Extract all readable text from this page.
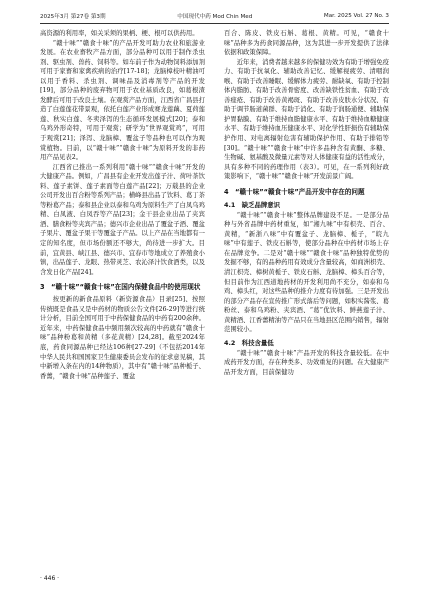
2025年3月 第27卷 第3期	中国现代中药 Mod Chin Med	Mar. 2025 Vol. 27 No. 3

高资源的利用率，如关采须的果柄、梗、根可以供药用。

“赣十味”“赣食十味”的产品开发可助力农业和旅游业发展。在农业畜牧产品方面，部分品种可以用于制作杀虫剂、驱虫剂、兽药、饲料等。如车前子作为动物饲料添加剂可用于家畜和家禽疾病的治疗[17-18]；龙脑樟枝叶精油可以用于香料、杀虫剂、调味品及消毒剂等产品的开发[19]，部分品种的废弃物可用于农业基质改良，如葛根渣发酵后可用于改良土壤。在观赏产品方面，江西省广昌县打造了白莲莲花带景观，依托白莲产业形成赛龙莲藕、夏荷莲莲、秋实白莲、冬卖泽泻的生态循环发展模式[20]；泰和乌鸡外形奇特，可用于观赏；研学为“世界观赏鸡”，可用于观赏[21]；泽泻、龙脑樟、覆盆子等品种也可以作为观赏植物。目前，以“赣十味”“赣食十味”为原料开发的非药用产品见表2。

江西省已推出一系列利用“赣十味”“赣食十味”开发的大健康产品。例如，广昌县有企业开发出莲子汁、荷叶茶饮料、莲子素饼、莲子素面等白莲产品[22]；万载县的企业公司开发出百合粉等系列产品；横峰县出品了饮料、葛丁茶等粉葛产品；泰和县企业以泰和乌鸡为原料生产了白凤乌鸡精、白凤液、白凤吞等产品[23]；金干县企业出品了夹宾酒、膳食粉等夹宾产品；德兴市企业出品了覆盆子酒、覆盆子果片、覆盆子果干等覆盆子产品。以上产品在当地都有一定的知名度，但市场份额还不够大，尚待进一步扩大。目前，宜黄县、峡江县、德兴市、宜春市等地成立了养殖食小镇，出品莲子、龙眼、热带灵芝、农沁泽汁饮食酒类，以及含发日化产品[24]。

3　“赣十味”“赣食十味”在国内保健食品中的使用现状

按更新的新食品原料（新资源食品）目录[25]、按照传统既是食品又是中药材的物质公告文件[26-29]等进行统计分析，目前全国可用于中药保健食品的中药有200余种。近年来，中药保健食品中频用频次较高的中药就有“赣食十味”品种粉葛和黄精（多花黄精）[24,28]。截至2024年底，药食同源品种已经达106种[27-29]（不包括2014年中华人民共和国国家卫生健康委员会发布的征求意见稿，其中新增入条在内的14种物质），其中有“赣十味”品种栀子、香薷，“赣食十味”品种莲子、覆盆

百合、陈皮、铁皮石斛、葛根、黄精。可见，“赣食十味”品种多为药食同源品种，这为其进一步开发提供了法律依据和政策保障。

近年来，消费者越来越多的保健功效为有助于增强免疫力、有助于抗氧化、辅助改善记忆、缓解视疲劳、清咽润喉、有助于改善睡眠、缓解体力疲劳、耐缺氧、有助于控制体内脂肪、有助于改善骨密度、改善缺铁性贫血、有助于改善痤疮、有助于改善黄褐斑、有助于改善皮肤水分状况、有助于调节肠道菌群、有助于消化、有助于润肠通便、辅助保护胃黏膜、有助于维持血脂健康水平、有助于维持血糖健康水平、有助于维持血压健康水平、对化学性肝损伤有辅助保护作用、对电离辐射危害有辅助保护作用、有助于排铅等[30]。“赣十味”“赣食十味”中许多品种含有黄酮、多糖、生物碱、氨基酸及微量元素等对人体健康有益的活性成分，具有多种不同的药理作用（表3）。可见，在一系列利好政策影响下，“赣十味”“赣食十味”开发前景广阔。

4　“赣十味”“赣食十味”产品开发中存在的问题
4.1　缺乏品牌意识

“赣十味”“赣食十味”整体品牌建设不足。一是部分品种与外省品牌中药材重复，如“湘九味”中有枳壳、百合、黄精，“新浙八味”中有覆盆子、龙脑樟、栀子，“皖九味”中有莲子、铁皮石斛等，使部分品种在中药材市场上存在品牌竞争。二是对“赣十味”“赣食十味”品种独特优势的发掘不够，有的品种药用有效成分含量较高，如商洲枳壳、清江枳壳、樟树黄栀子、铁皮石斛、龙脑樟、樟头百合等，但目前作为江西道地药材的开发利用尚不充分，如泰和乌鸡、樟头红，对这些品种的推介力度有待加强。三是开发出的部分产品存在宣传推广形式落后等问题，如积实酱浆、葛粉丝、泰和乌鸡粉、夹宾酒、“葛”优饮料、鲜燕莲子汁、黄精酒、江香薷精油等产品只在当地县区范围内销售，辐射范围较小。

4.2　科技含量低

“赣十味”“赣食十味”产品开发的科技含量较低。在中成药开发方面，存在种类多、功效重复的问题。在大健康产品开发方面，目前保健功

· 446 ·
